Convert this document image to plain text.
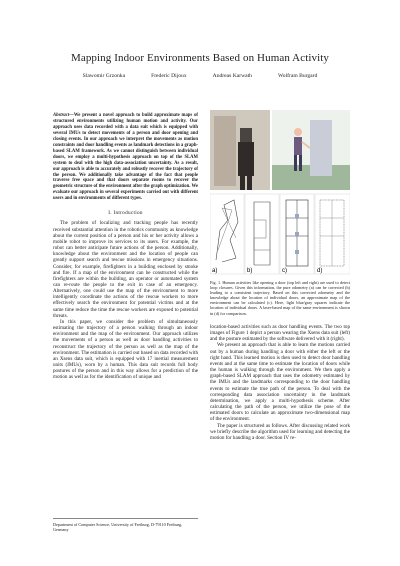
Mapping Indoor Environments Based on Human Activity
Slawomir Grzonka	Frederic Dijoux	Andreas Karwath	Wolfram Burgard
Abstract—We present a novel approach to build approximate maps of structured environments utilizing human motion and activity. Our approach uses data recorded with a data suit which is equipped with several IMUs to detect movements of a person and door opening and closing events. In our approach we interpret the movements as motion constraints and door handling events as landmark detections in a graph-based SLAM framework. As we cannot distinguish between individual doors, we employ a multi-hypothesis approach on top of the SLAM system to deal with the high data-association uncertainty. As a result, our approach is able to accurately and robustly recover the trajectory of the person. We additionally take advantage of the fact that people traverse free space and that doors separate rooms to recover the geometric structure of the environment after the graph optimization. We evaluate our approach in several experiments carried out with different users and in environments of different types.
I. Introduction

The problem of localizing and tracking people has recently received substantial attention in the robotics community as knowledge about the current position of a person and his or her activity allows a mobile robot to improve its services to its users. For example, the robot can better anticipate future actions of the person. Additionally, knowledge about the environment and the location of people can greatly support search and rescue missions in emergency situations. Consider, for example, firefighters in a building enclosed by smoke and fire. If a map of the environment can be constructed while the firefighters are within the building, an operator or automated system can re-route the people to the exit in case of an emergency. Alternatively, one could use the map of the environment to more intelligently coordinate the actions of the rescue workers to more effectively search the environment for potential victims and at the same time reduce the time the rescue workers are exposed to potential threats.

In this paper, we consider the problem of simultaneously estimating the trajectory of a person walking through an indoor environment and the map of the environment. Our approach utilizes the movements of a person as well as door handling activities to reconstruct the trajectory of the person as well as the map of the environment. The estimation is carried out based on data recorded with an Xsens data suit, which is equipped with 17 inertial measurement units (IMUs), worn by a human. This data suit records full body postures of the person and in this way allows for a prediction of the motion as well as for the identification of unique and

Department of Computer Science, University of Freiburg, D-79110 Freiburg, Germany
a)	b)	c)	d)
Fig. 1. Human activities like opening a door (top left and right) are used to detect loop closures. Given this information, the pure odometry (a) can be corrected (b) leading to a consistent trajectory. Based on this corrected odometry and the knowledge about the location of individual doors, an approximate map of the environment can be calculated (c). Here, light blue/gray squares indicate the location of individual doors. A laser-based map of the same environment is shown in (d) for comparison.

location-based activities such as door handling events. The two top images of Figure 1 depict a person wearing the Xsens data suit (left) and the posture estimated by the software delivered with it (right).

We present an approach that is able to learn the motions carried out by a human during handling a door with either the left or the right hand. This learned motion is then used to detect door handling events and at the same time to estimate the location of doors while the human is walking through the environment. We then apply a graph-based SLAM approach that uses the odometry estimated by the IMUs and the landmarks corresponding to the door handling events to estimate the true path of the person. To deal with the corresponding data association uncertainty in the landmark determination, we apply a multi-hypothesis scheme. After calculating the path of the person, we utilize the pose of the estimated doors to calculate an approximate two-dimensional map of the environment.

The paper is structured as follows. After discussing related work we briefly describe the algorithm used for learning and detecting the motion for handling a door. Section IV re-
